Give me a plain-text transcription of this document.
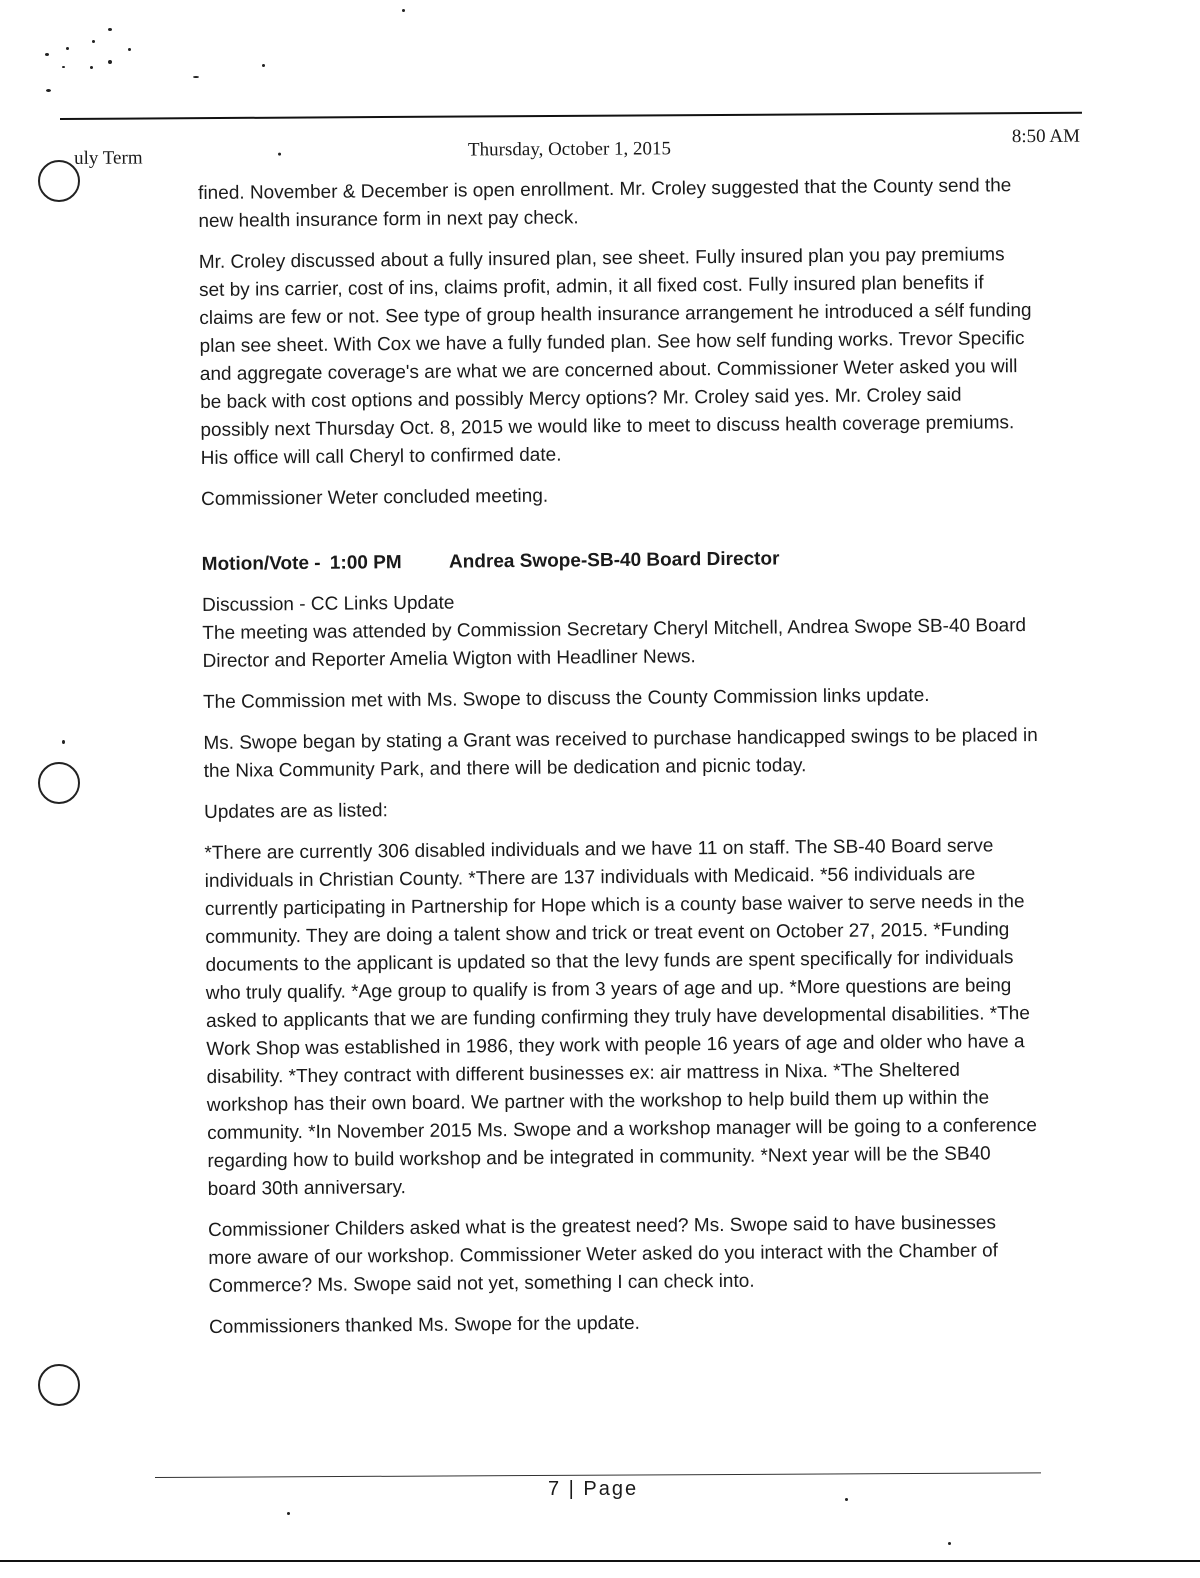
uly Term	Thursday, October 1, 2015
8:50 AM

fined. November & December is open enrollment. Mr. Croley suggested that the County send the new health insurance form in next pay check.

Mr. Croley discussed about a fully insured plan, see sheet. Fully insured plan you pay premiums set by ins carrier, cost of ins, claims profit, admin, it all fixed cost. Fully insured plan benefits if claims are few or not. See type of group health insurance arrangement he introduced a sélf funding plan see sheet. With Cox we have a fully funded plan. See how self funding works. Trevor Specific and aggregate coverage's are what we are concerned about. Commissioner Weter asked you will be back with cost options and possibly Mercy options? Mr. Croley said yes. Mr. Croley said possibly next Thursday Oct. 8, 2015 we would like to meet to discuss health coverage premiums. His office will call Cheryl to confirmed date.

Commissioner Weter concluded meeting.

Motion/Vote - 1:00 PM Andrea Swope-SB-40 Board Director

Discussion - CC Links Update

The meeting was attended by Commission Secretary Cheryl Mitchell, Andrea Swope SB-40 Board Director and Reporter Amelia Wigton with Headliner News.

The Commission met with Ms. Swope to discuss the County Commission links update.

Ms. Swope began by stating a Grant was received to purchase handicapped swings to be placed in the Nixa Community Park, and there will be dedication and picnic today.

Updates are as listed:

*There are currently 306 disabled individuals and we have 11 on staff. The SB-40 Board serve individuals in Christian County. *There are 137 individuals with Medicaid. *56 individuals are currently participating in Partnership for Hope which is a county base waiver to serve needs in the community. They are doing a talent show and trick or treat event on October 27, 2015. *Funding documents to the applicant is updated so that the levy funds are spent specifically for individuals who truly qualify. *Age group to qualify is from 3 years of age and up. *More questions are being asked to applicants that we are funding confirming they truly have developmental disabilities. *The Work Shop was established in 1986, they work with people 16 years of age and older who have a disability. *They contract with different businesses ex: air mattress in Nixa. *The Sheltered workshop has their own board. We partner with the workshop to help build them up within the community. *In November 2015 Ms. Swope and a workshop manager will be going to a conference regarding how to build workshop and be integrated in community. *Next year will be the SB40 board 30th anniversary.

Commissioner Childers asked what is the greatest need? Ms. Swope said to have businesses more aware of our workshop. Commissioner Weter asked do you interact with the Chamber of Commerce? Ms. Swope said not yet, something I can check into.

Commissioners thanked Ms. Swope for the update.

7 | Page
